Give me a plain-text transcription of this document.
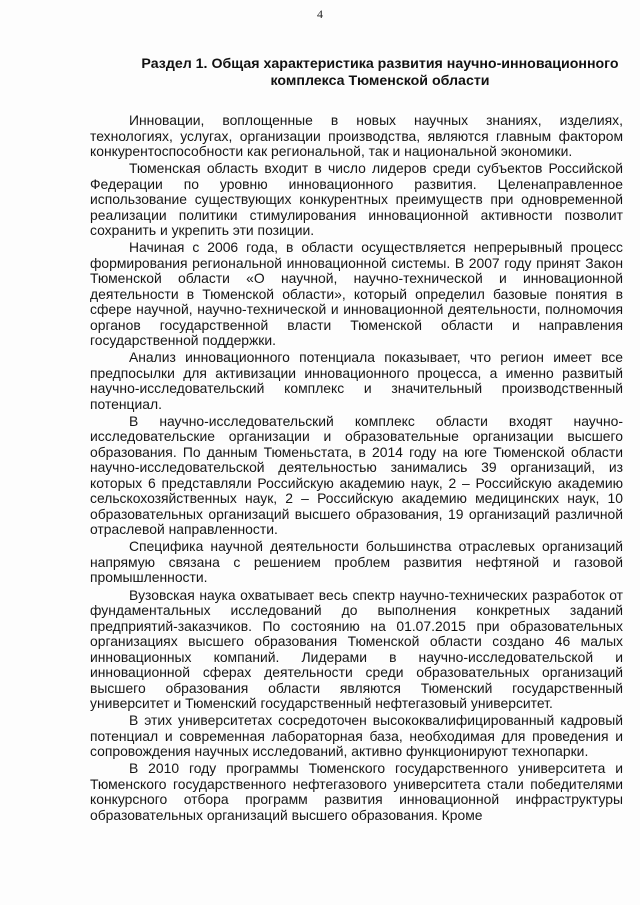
4
Раздел 1. Общая характеристика развития научно-инновационного комплекса Тюменской области

Инновации, воплощенные в новых научных знаниях, изделиях, технологиях, услугах, организации производства, являются главным фактором конкурентоспособности как региональной, так и национальной экономики.

Тюменская область входит в число лидеров среди субъектов Российской Федерации по уровню инновационного развития. Целенаправленное использование существующих конкурентных преимуществ при одновременной реализации политики стимулирования инновационной активности позволит сохранить и укрепить эти позиции.

Начиная с 2006 года, в области осуществляется непрерывный процесс формирования региональной инновационной системы. В 2007 году принят Закон Тюменской области «О научной, научно-технической и инновационной деятельности в Тюменской области», который определил базовые понятия в сфере научной, научно-технической и инновационной деятельности, полномочия органов государственной власти Тюменской области и направления государственной поддержки.

Анализ инновационного потенциала показывает, что регион имеет все предпосылки для активизации инновационного процесса, а именно развитый научно-исследовательский комплекс и значительный производственный потенциал.

В научно-исследовательский комплекс области входят научно-исследовательские организации и образовательные организации высшего образования. По данным Тюменьстата, в 2014 году на юге Тюменской области научно-исследовательской деятельностью занимались 39 организаций, из которых 6 представляли Российскую академию наук, 2 – Российскую академию сельскохозяйственных наук, 2 – Российскую академию медицинских наук, 10 образовательных организаций высшего образования, 19 организаций различной отраслевой направленности.

Специфика научной деятельности большинства отраслевых организаций напрямую связана с решением проблем развития нефтяной и газовой промышленности.

Вузовская наука охватывает весь спектр научно-технических разработок от фундаментальных исследований до выполнения конкретных заданий предприятий-заказчиков. По состоянию на 01.07.2015 при образовательных организациях высшего образования Тюменской области создано 46 малых инновационных компаний. Лидерами в научно-исследовательской и инновационной сферах деятельности среди образовательных организаций высшего образования области являются Тюменский государственный университет и Тюменский государственный нефтегазовый университет.

В этих университетах сосредоточен высококвалифицированный кадровый потенциал и современная лабораторная база, необходимая для проведения и сопровождения научных исследований, активно функционируют технопарки.

В 2010 году программы Тюменского государственного университета и Тюменского государственного нефтегазового университета стали победителями конкурсного отбора программ развития инновационной инфраструктуры образовательных организаций высшего образования. Кроме
